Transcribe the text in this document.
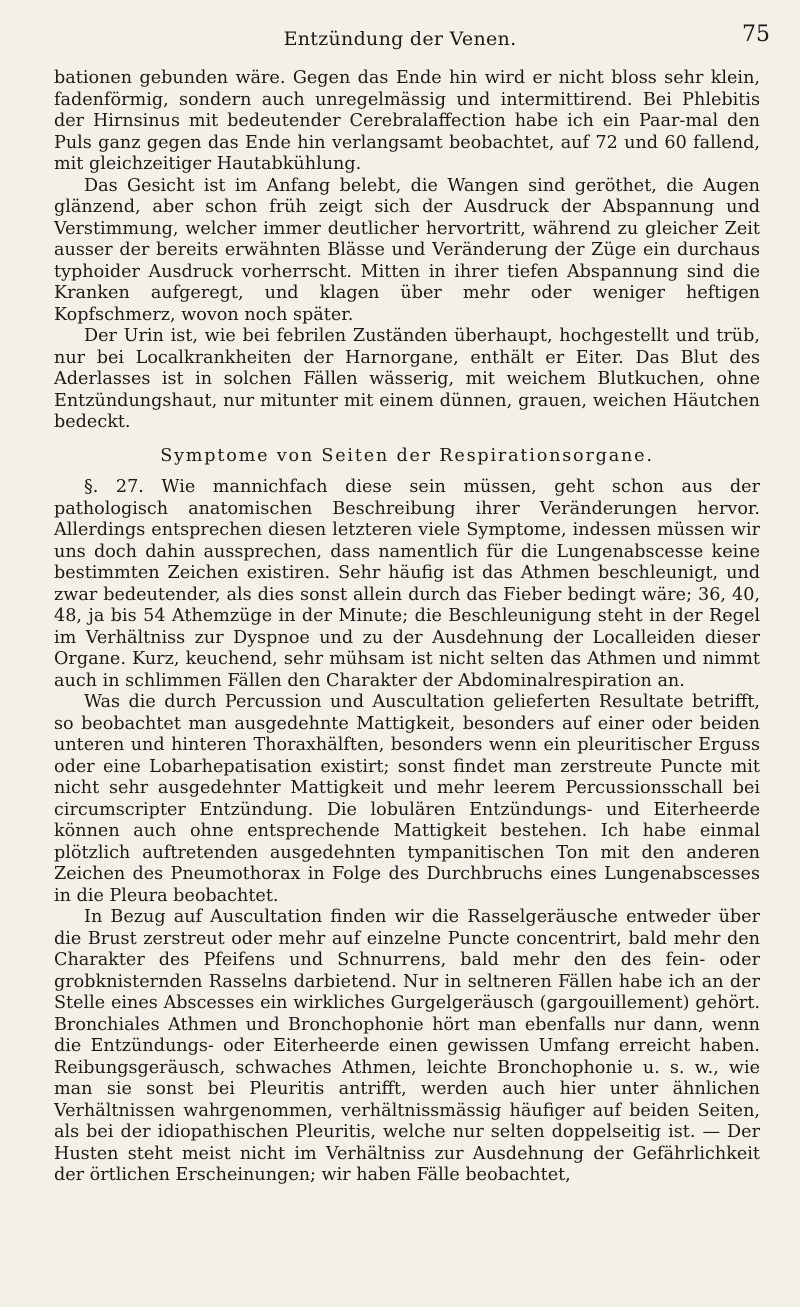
Entzündung der Venen.	75

bationen gebunden wäre. Gegen das Ende hin wird er nicht bloss sehr klein, fadenförmig, sondern auch unregelmässig und intermittirend. Bei Phlebitis der Hirnsinus mit bedeutender Cerebralaffection habe ich ein Paar-mal den Puls ganz gegen das Ende hin verlangsamt beobachtet, auf 72 und 60 fallend, mit gleichzeitiger Hautabkühlung.

Das Gesicht ist im Anfang belebt, die Wangen sind geröthet, die Augen glänzend, aber schon früh zeigt sich der Ausdruck der Abspannung und Verstimmung, welcher immer deutlicher hervortritt, während zu gleicher Zeit ausser der bereits erwähnten Blässe und Veränderung der Züge ein durchaus typhoider Ausdruck vorherrscht. Mitten in ihrer tiefen Abspannung sind die Kranken aufgeregt, und klagen über mehr oder weniger heftigen Kopfschmerz, wovon noch später.

Der Urin ist, wie bei febrilen Zuständen überhaupt, hochgestellt und trüb, nur bei Localkrankheiten der Harnorgane, enthält er Eiter. Das Blut des Aderlasses ist in solchen Fällen wässerig, mit weichem Blutkuchen, ohne Entzündungshaut, nur mitunter mit einem dünnen, grauen, weichen Häutchen bedeckt.

Symptome von Seiten der Respirationsorgane.

§. 27. Wie mannichfach diese sein müssen, geht schon aus der pathologisch anatomischen Beschreibung ihrer Veränderungen hervor. Allerdings entsprechen diesen letzteren viele Symptome, indessen müssen wir uns doch dahin aussprechen, dass namentlich für die Lungenabscesse keine bestimmten Zeichen existiren. Sehr häufig ist das Athmen beschleunigt, und zwar bedeutender, als dies sonst allein durch das Fieber bedingt wäre; 36, 40, 48, ja bis 54 Athemzüge in der Minute; die Beschleunigung steht in der Regel im Verhältniss zur Dyspnoe und zu der Ausdehnung der Localleiden dieser Organe. Kurz, keuchend, sehr mühsam ist nicht selten das Athmen und nimmt auch in schlimmen Fällen den Charakter der Abdominalrespiration an.

Was die durch Percussion und Auscultation gelieferten Resultate betrifft, so beobachtet man ausgedehnte Mattigkeit, besonders auf einer oder beiden unteren und hinteren Thoraxhälften, besonders wenn ein pleuritischer Erguss oder eine Lobarhepatisation existirt; sonst findet man zerstreute Puncte mit nicht sehr ausgedehnter Mattigkeit und mehr leerem Percussionsschall bei circumscripter Entzündung. Die lobulären Entzündungs- und Eiterheerde können auch ohne entsprechende Mattigkeit bestehen. Ich habe einmal plötzlich auftretenden ausgedehnten tympanitischen Ton mit den anderen Zeichen des Pneumothorax in Folge des Durchbruchs eines Lungenabscesses in die Pleura beobachtet.

In Bezug auf Auscultation finden wir die Rasselgeräusche entweder über die Brust zerstreut oder mehr auf einzelne Puncte concentrirt, bald mehr den Charakter des Pfeifens und Schnurrens, bald mehr den des fein- oder grobknisternden Rasselns darbietend. Nur in seltneren Fällen habe ich an der Stelle eines Abscesses ein wirkliches Gurgelgeräusch (gargouillement) gehört. Bronchiales Athmen und Bronchophonie hört man ebenfalls nur dann, wenn die Entzündungs- oder Eiterheerde einen gewissen Umfang erreicht haben. Reibungsgeräusch, schwaches Athmen, leichte Bronchophonie u. s. w., wie man sie sonst bei Pleuritis antrifft, werden auch hier unter ähnlichen Verhältnissen wahrgenommen, verhältnissmässig häufiger auf beiden Seiten, als bei der idiopathischen Pleuritis, welche nur selten doppelseitig ist. — Der Husten steht meist nicht im Verhältniss zur Ausdehnung der Gefährlichkeit der örtlichen Erscheinungen; wir haben Fälle beobachtet,
